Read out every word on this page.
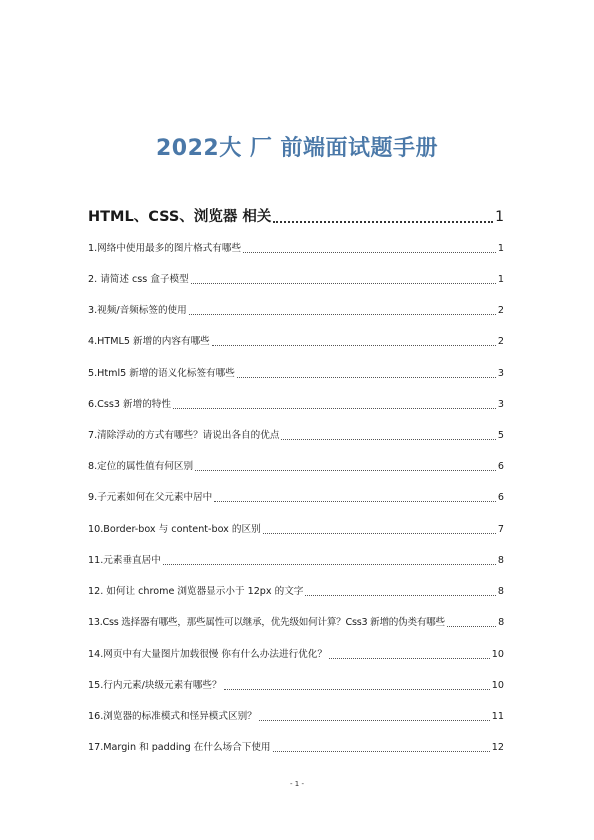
2022大 厂 前端面试题手册
HTML、CSS、浏览器 相关	1
1.网络中使用最多的图片格式有哪些	1
2. 请简述 css 盒子模型	1
3.视频/音频标签的使用	2
4.HTML5 新增的内容有哪些	2
5.Html5 新增的语义化标签有哪些	3
6.Css3 新增的特性	3
7.清除浮动的方式有哪些？请说出各自的优点	5
8.定位的属性值有何区别	6
9.子元素如何在父元素中居中	6
10.Border-box 与 content-box 的区别	7
11.元素垂直居中	8
12. 如何让 chrome 浏览器显示小于 12px 的文字	8
13.Css 选择器有哪些，那些属性可以继承，优先级如何计算？Css3 新增的伪类有哪些	8
14.网页中有大量图片加载很慢 你有什么办法进行优化？	10
15.行内元素/块级元素有哪些？	10
16.浏览器的标准模式和怪异模式区别？	11
17.Margin 和 padding 在什么场合下使用	12
- 1 -
